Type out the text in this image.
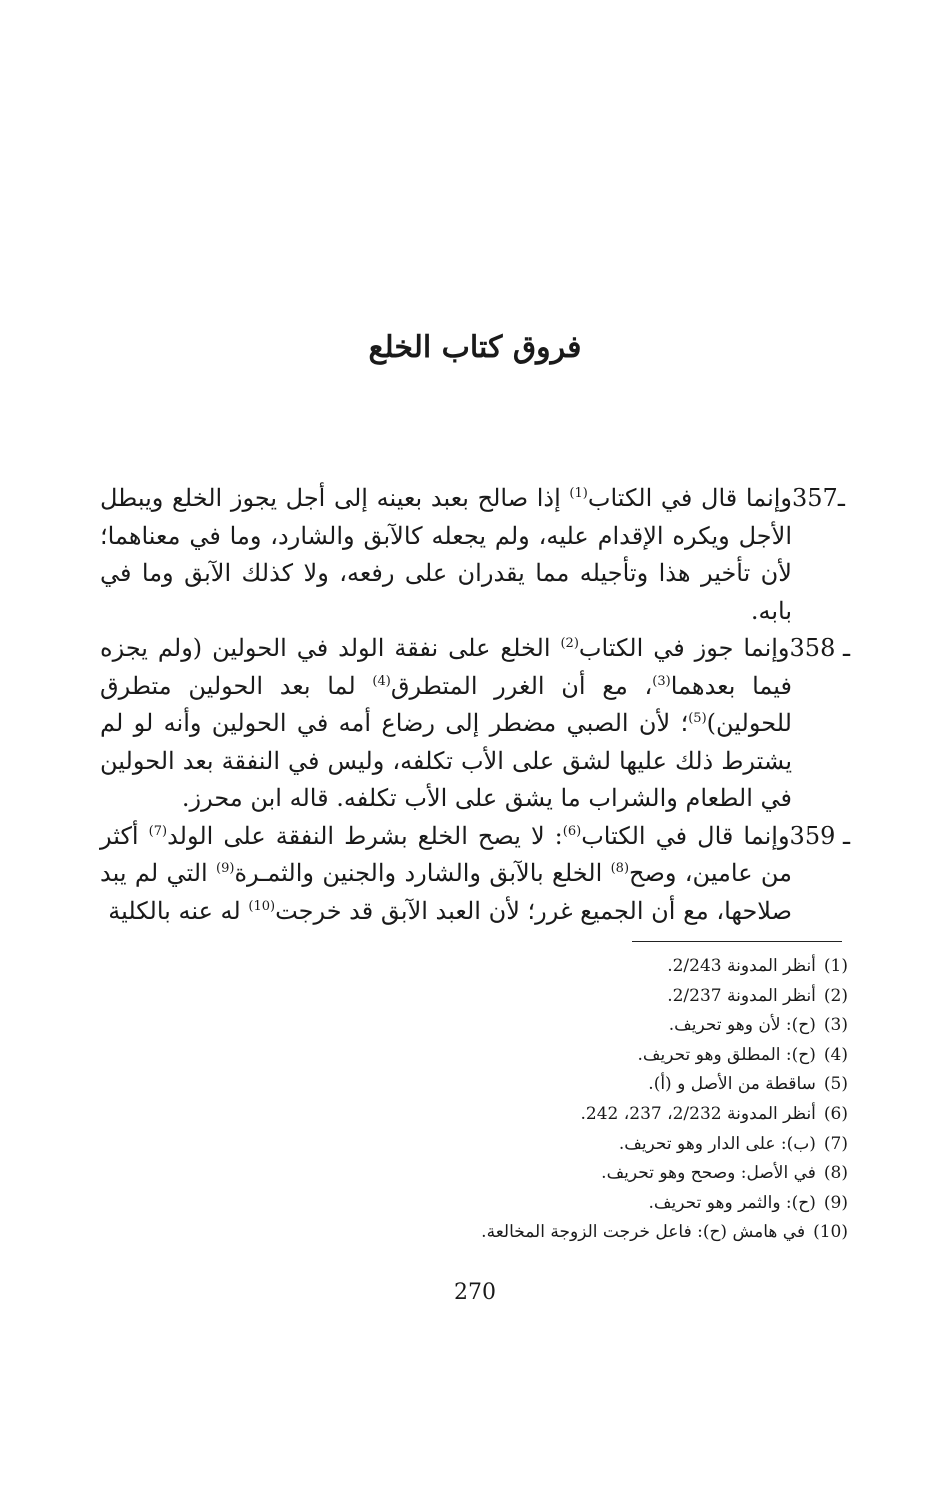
فروق كتاب الخلع

357ـوإنما قال في الكتاب$^{(1)}$ إذا صالح بعبد بعينه إلى أجل يجوز الخلع ويبطل الأجل ويكره الإقدام عليه، ولم يجعله كالآبق والشارد، وما في معناهما؛ لأن تأخير هذا وتأجيله مما يقدران على رفعه، ولا كذلك الآبق وما في بابه.

358 ـوإنما جوز في الكتاب$^{(2)}$ الخلع على نفقة الولد في الحولين (ولم يجزه فيما بعدهما$^{(3)}$، مع أن الغرر المتطرق$^{(4)}$ لما بعد الحولين متطرق للحولين)$^{(5)}$؛ لأن الصبي مضطر إلى رضاع أمه في الحولين وأنه لو لم يشترط ذلك عليها لشق على الأب تكلفه، وليس في النفقة بعد الحولين في الطعام والشراب ما يشق على الأب تكلفه. قاله ابن محرز.

359 ـوإنما قال في الكتاب$^{(6)}$: لا يصح الخلع بشرط النفقة على الولد$^{(7)}$ أكثر من عامين، وصح$^{(8)}$ الخلع بالآبق والشارد والجنين والثمـرة$^{(9)}$ التي لم يبد صلاحها، مع أن الجميع غرر؛ لأن العبد الآبق قد خرجت$^{(10)}$ له عنه بالكلية

(1)أنظر المدونة 2/243.
(2)أنظر المدونة 2/237.
(3)(ح): لأن وهو تحريف.
(4)(ح): المطلق وهو تحريف.
(5)ساقطة من الأصل و (أ).
(6)أنظر المدونة 2/232، 237، 242.
(7)(ب): على الدار وهو تحريف.
(8)في الأصل: وصحح وهو تحريف.
(9)(ح): والثمر وهو تحريف.
(10)في هامش (ح): فاعل خرجت الزوجة المخالعة.

270
